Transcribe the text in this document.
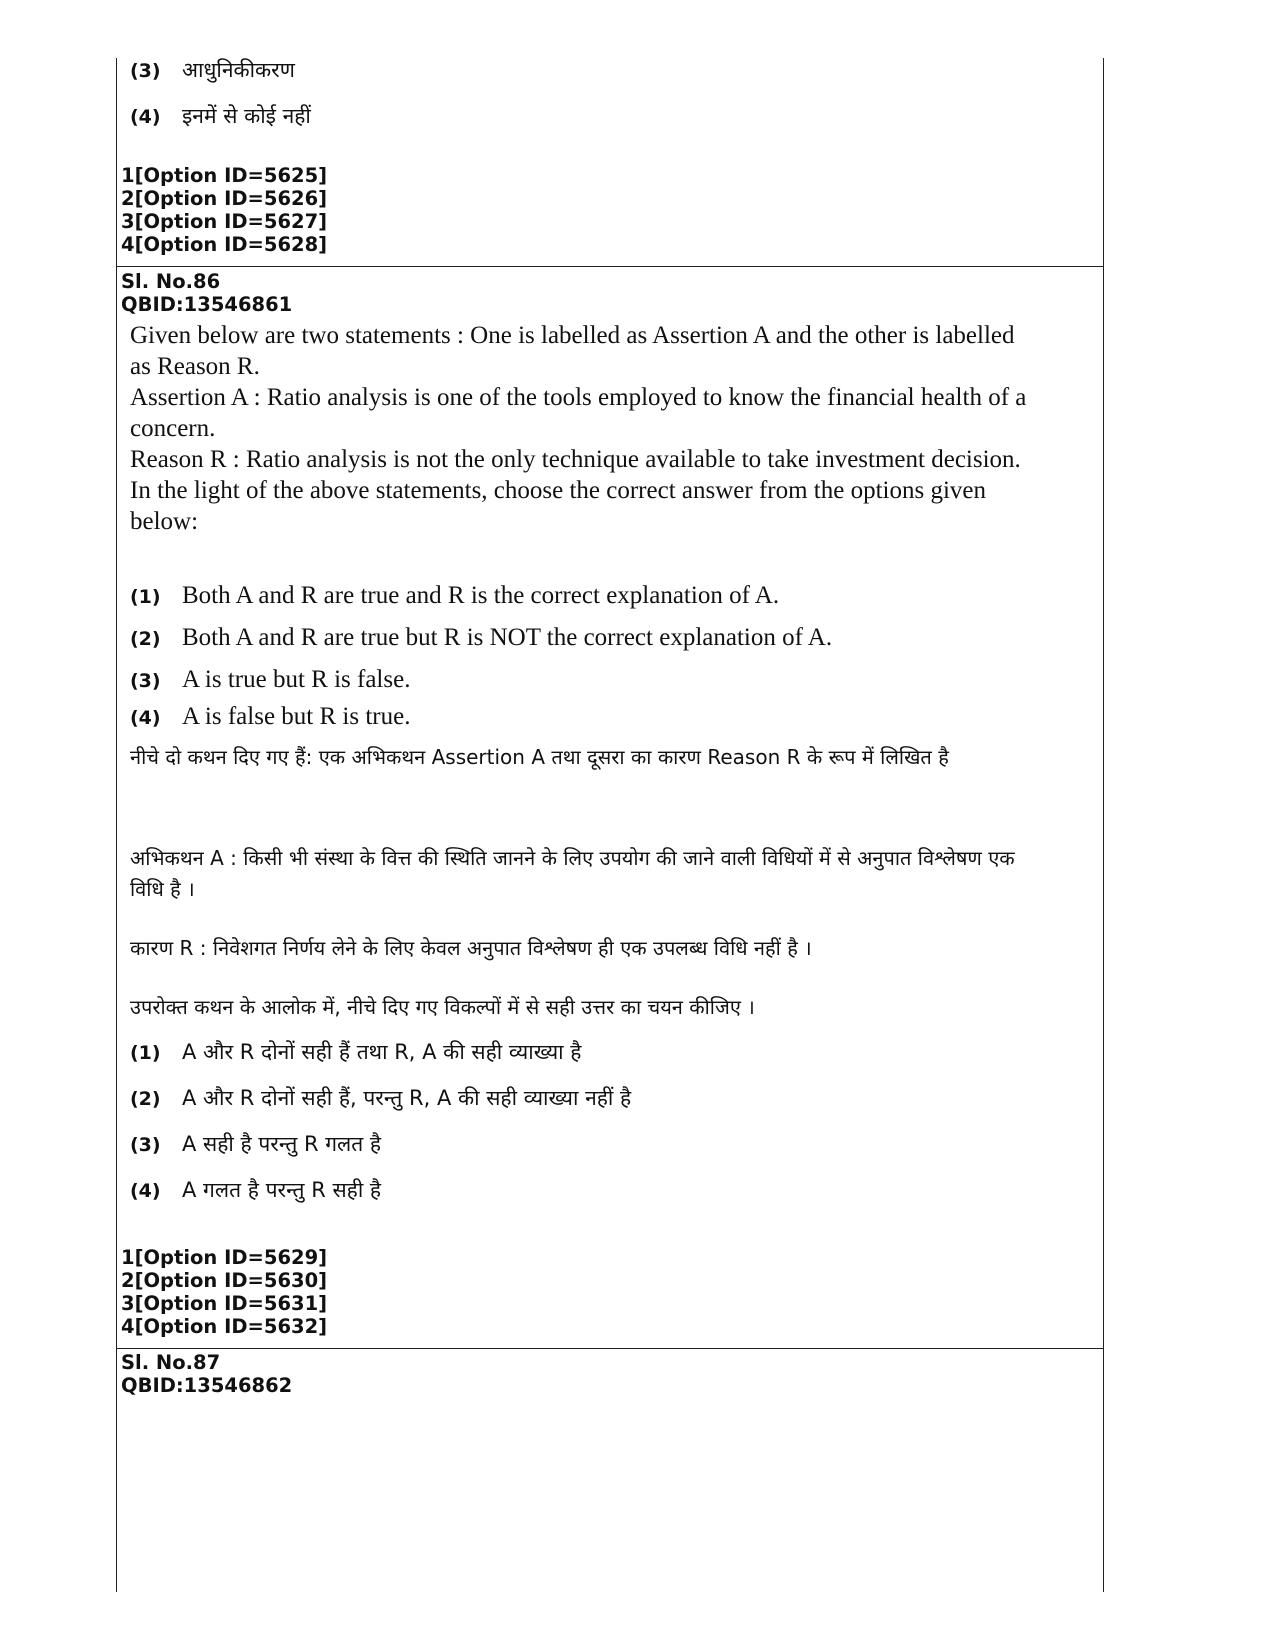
(3)	आधुनिकीकरण
(4)	इनमें से कोई नहीं
1[Option ID=5625]
2[Option ID=5626]
3[Option ID=5627]
4[Option ID=5628]
Sl. No.86
QBID:13546861

Given below are two statements : One is labelled as Assertion A and the other is labelled as Reason R.

Assertion A : Ratio analysis is one of the tools employed to know the financial health of a concern.

Reason R : Ratio analysis is not the only technique available to take investment decision.

In the light of the above statements, choose the correct answer from the options given below:

(1) Both A and R are true and R is the correct explanation of A.
(2) Both A and R are true but R is NOT the correct explanation of A.
(3) A is true but R is false.
(4) A is false but R is true.
नीचे दो कथन दिए गए हैं: एक अभिकथन Assertion A तथा दूसरा का कारण Reason R के रूप में लिखित है
अभिकथन A : किसी भी संस्था के वित्त की स्थिति जानने के लिए उपयोग की जाने वाली विधियों में से अनुपात विश्लेषण एक विधि है ।
कारण R : निवेशगत निर्णय लेने के लिए केवल अनुपात विश्लेषण ही एक उपलब्ध विधि नहीं है ।
उपरोक्त कथन के आलोक में, नीचे दिए गए विकल्पों में से सही उत्तर का चयन कीजिए ।
(1)	A और R दोनों सही हैं तथा R, A की सही व्याख्या है
(2)	A और R दोनों सही हैं, परन्तु R, A की सही व्याख्या नहीं है
(3)	A सही है परन्तु R गलत है
(4)	A गलत है परन्तु R सही है
1[Option ID=5629]
2[Option ID=5630]
3[Option ID=5631]
4[Option ID=5632]
Sl. No.87
QBID:13546862
